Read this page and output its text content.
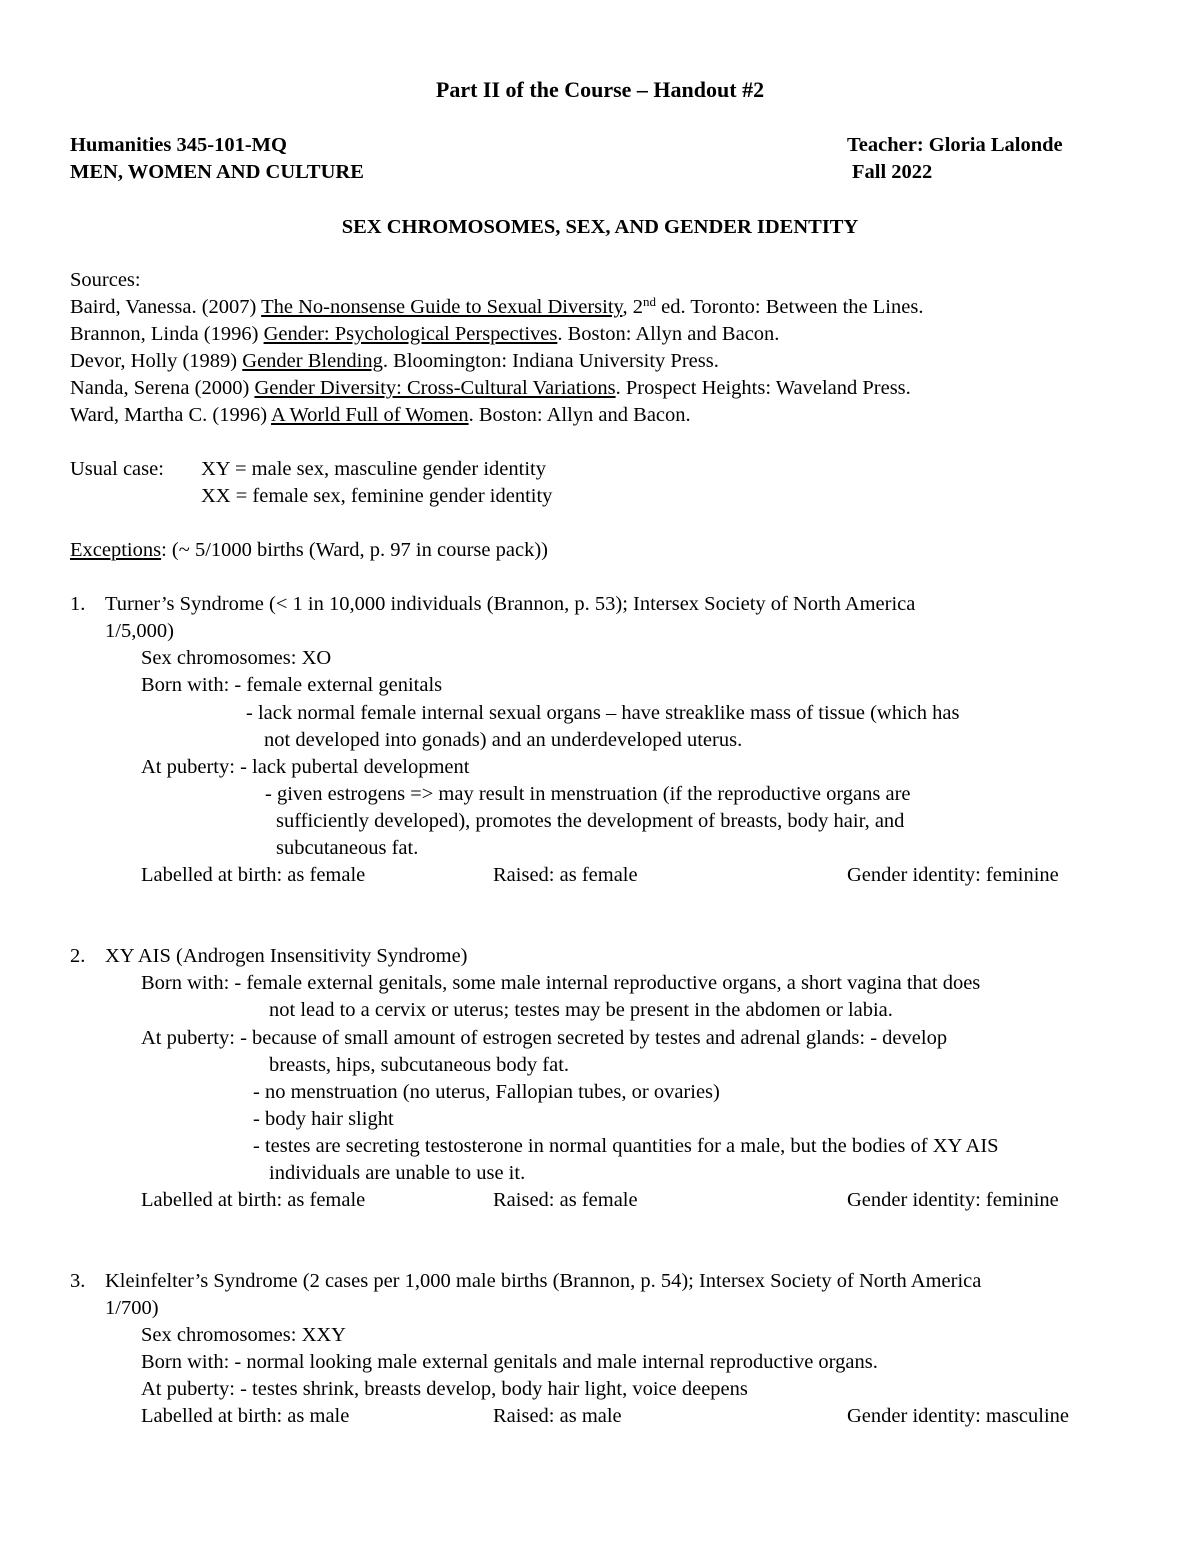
Part II of the Course – Handout #2
Humanities 345-101-MQ	Teacher: Gloria Lalonde
MEN, WOMEN AND CULTURE	Fall 2022
SEX CHROMOSOMES, SEX, AND GENDER IDENTITY
Sources:
Baird, Vanessa. (2007) The No-nonsense Guide to Sexual Diversity, 2nd ed. Toronto: Between the Lines.
Brannon, Linda (1996) Gender: Psychological Perspectives. Boston: Allyn and Bacon.
Devor, Holly (1989) Gender Blending. Bloomington: Indiana University Press.
Nanda, Serena (2000) Gender Diversity: Cross-Cultural Variations. Prospect Heights: Waveland Press.
Ward, Martha C. (1996) A World Full of Women. Boston: Allyn and Bacon.
Usual case: XY = male sex, masculine gender identity
XX = female sex, feminine gender identity
Exceptions: (~ 5/1000 births (Ward, p. 97 in course pack))
1. Turner’s Syndrome (< 1 in 10,000 individuals (Brannon, p. 53); Intersex Society of North America
1/5,000)
Sex chromosomes: XO
Born with: - female external genitals
- lack normal female internal sexual organs – have streaklike mass of tissue (which has
not developed into gonads) and an underdeveloped uterus.
At puberty: - lack pubertal development
- given estrogens => may result in menstruation (if the reproductive organs are
sufficiently developed), promotes the development of breasts, body hair, and
subcutaneous fat.
Labelled at birth: as female	Raised: as female	Gender identity: feminine
2. XY AIS (Androgen Insensitivity Syndrome)
Born with: - female external genitals, some male internal reproductive organs, a short vagina that does
not lead to a cervix or uterus; testes may be present in the abdomen or labia.
At puberty: - because of small amount of estrogen secreted by testes and adrenal glands: - develop
breasts, hips, subcutaneous body fat.
- no menstruation (no uterus, Fallopian tubes, or ovaries)
- body hair slight
- testes are secreting testosterone in normal quantities for a male, but the bodies of XY AIS
individuals are unable to use it.
Labelled at birth: as female	Raised: as female	Gender identity: feminine
3. Kleinfelter’s Syndrome (2 cases per 1,000 male births (Brannon, p. 54); Intersex Society of North America
1/700)
Sex chromosomes: XXY
Born with: - normal looking male external genitals and male internal reproductive organs.
At puberty: - testes shrink, breasts develop, body hair light, voice deepens
Labelled at birth: as male	Raised: as male	Gender identity: masculine
